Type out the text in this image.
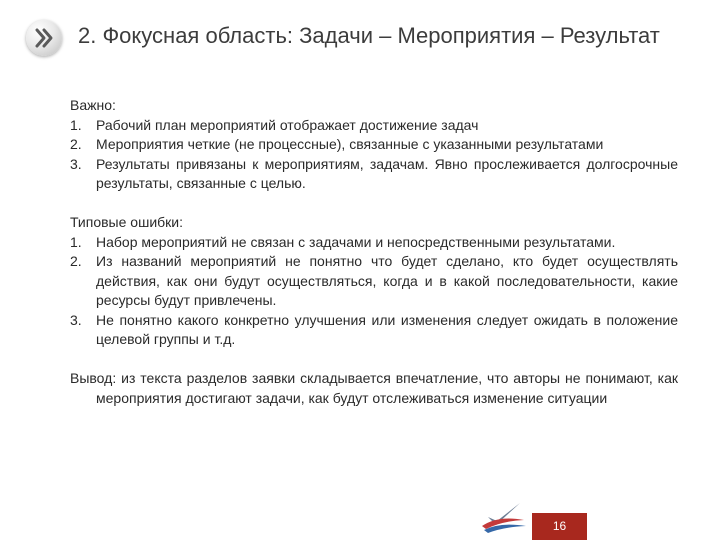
2. Фокусная область: Задачи – Мероприятия – Результат
Важно:
1. Рабочий план мероприятий отображает достижение задач
2. Мероприятия четкие (не процессные), связанные с указанными результатами
3. Результаты привязаны к мероприятиям, задачам. Явно прослеживается долгосрочные результаты, связанные с целью.
Типовые ошибки:
1. Набор мероприятий не связан с задачами и непосредственными результатами.
2. Из названий мероприятий не понятно что будет сделано, кто будет осуществлять действия, как они будут осуществляться, когда и в какой последовательности, какие ресурсы будут привлечены.
3. Не понятно какого конкретно улучшения или изменения следует ожидать в положение целевой группы и т.д.
Вывод: из текста разделов заявки складывается впечатление, что авторы не понимают, как мероприятия достигают задачи, как будут отслеживаться изменение ситуации
16
